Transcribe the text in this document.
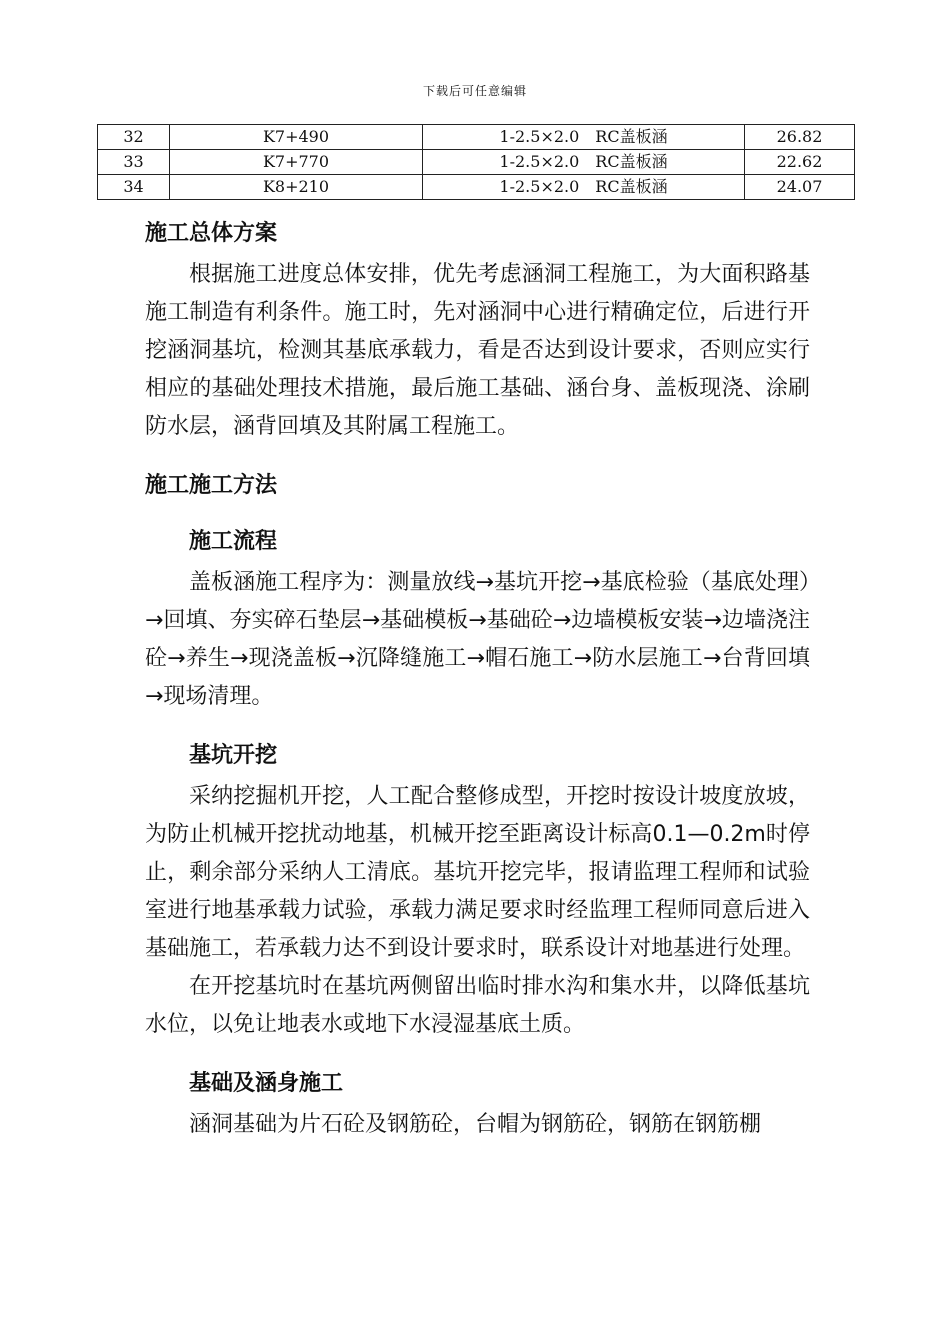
下载后可任意编辑
32	K7+490	1-2.5×2.0　RC盖板涵	26.82
33	K7+770	1-2.5×2.0　RC盖板涵	22.62
34	K8+210	1-2.5×2.0　RC盖板涵	24.07
施工总体方案

根据施工进度总体安排，优先考虑涵洞工程施工，为大面积路基施工制造有利条件。施工时，先对涵洞中心进行精确定位，后进行开挖涵洞基坑，检测其基底承载力，看是否达到设计要求，否则应实行相应的基础处理技术措施，最后施工基础、涵台身、盖板现浇、涂刷防水层，涵背回填及其附属工程施工。

施工施工方法
施工流程

盖板涵施工程序为：测量放线→基坑开挖→基底检验（基底处理）→回填、夯实碎石垫层→基础模板→基础砼→边墙模板安装→边墙浇注砼→养生→现浇盖板→沉降缝施工→帽石施工→防水层施工→台背回填→现场清理。

基坑开挖

采纳挖掘机开挖，人工配合整修成型，开挖时按设计坡度放坡，为防止机械开挖扰动地基，机械开挖至距离设计标高0.1—0.2m时停止，剩余部分采纳人工清底。基坑开挖完毕，报请监理工程师和试验室进行地基承载力试验，承载力满足要求时经监理工程师同意后进入基础施工，若承载力达不到设计要求时，联系设计对地基进行处理。

在开挖基坑时在基坑两侧留出临时排水沟和集水井，以降低基坑水位，以免让地表水或地下水浸湿基底土质。

基础及涵身施工

涵洞基础为片石砼及钢筋砼，台帽为钢筋砼，钢筋在钢筋棚
